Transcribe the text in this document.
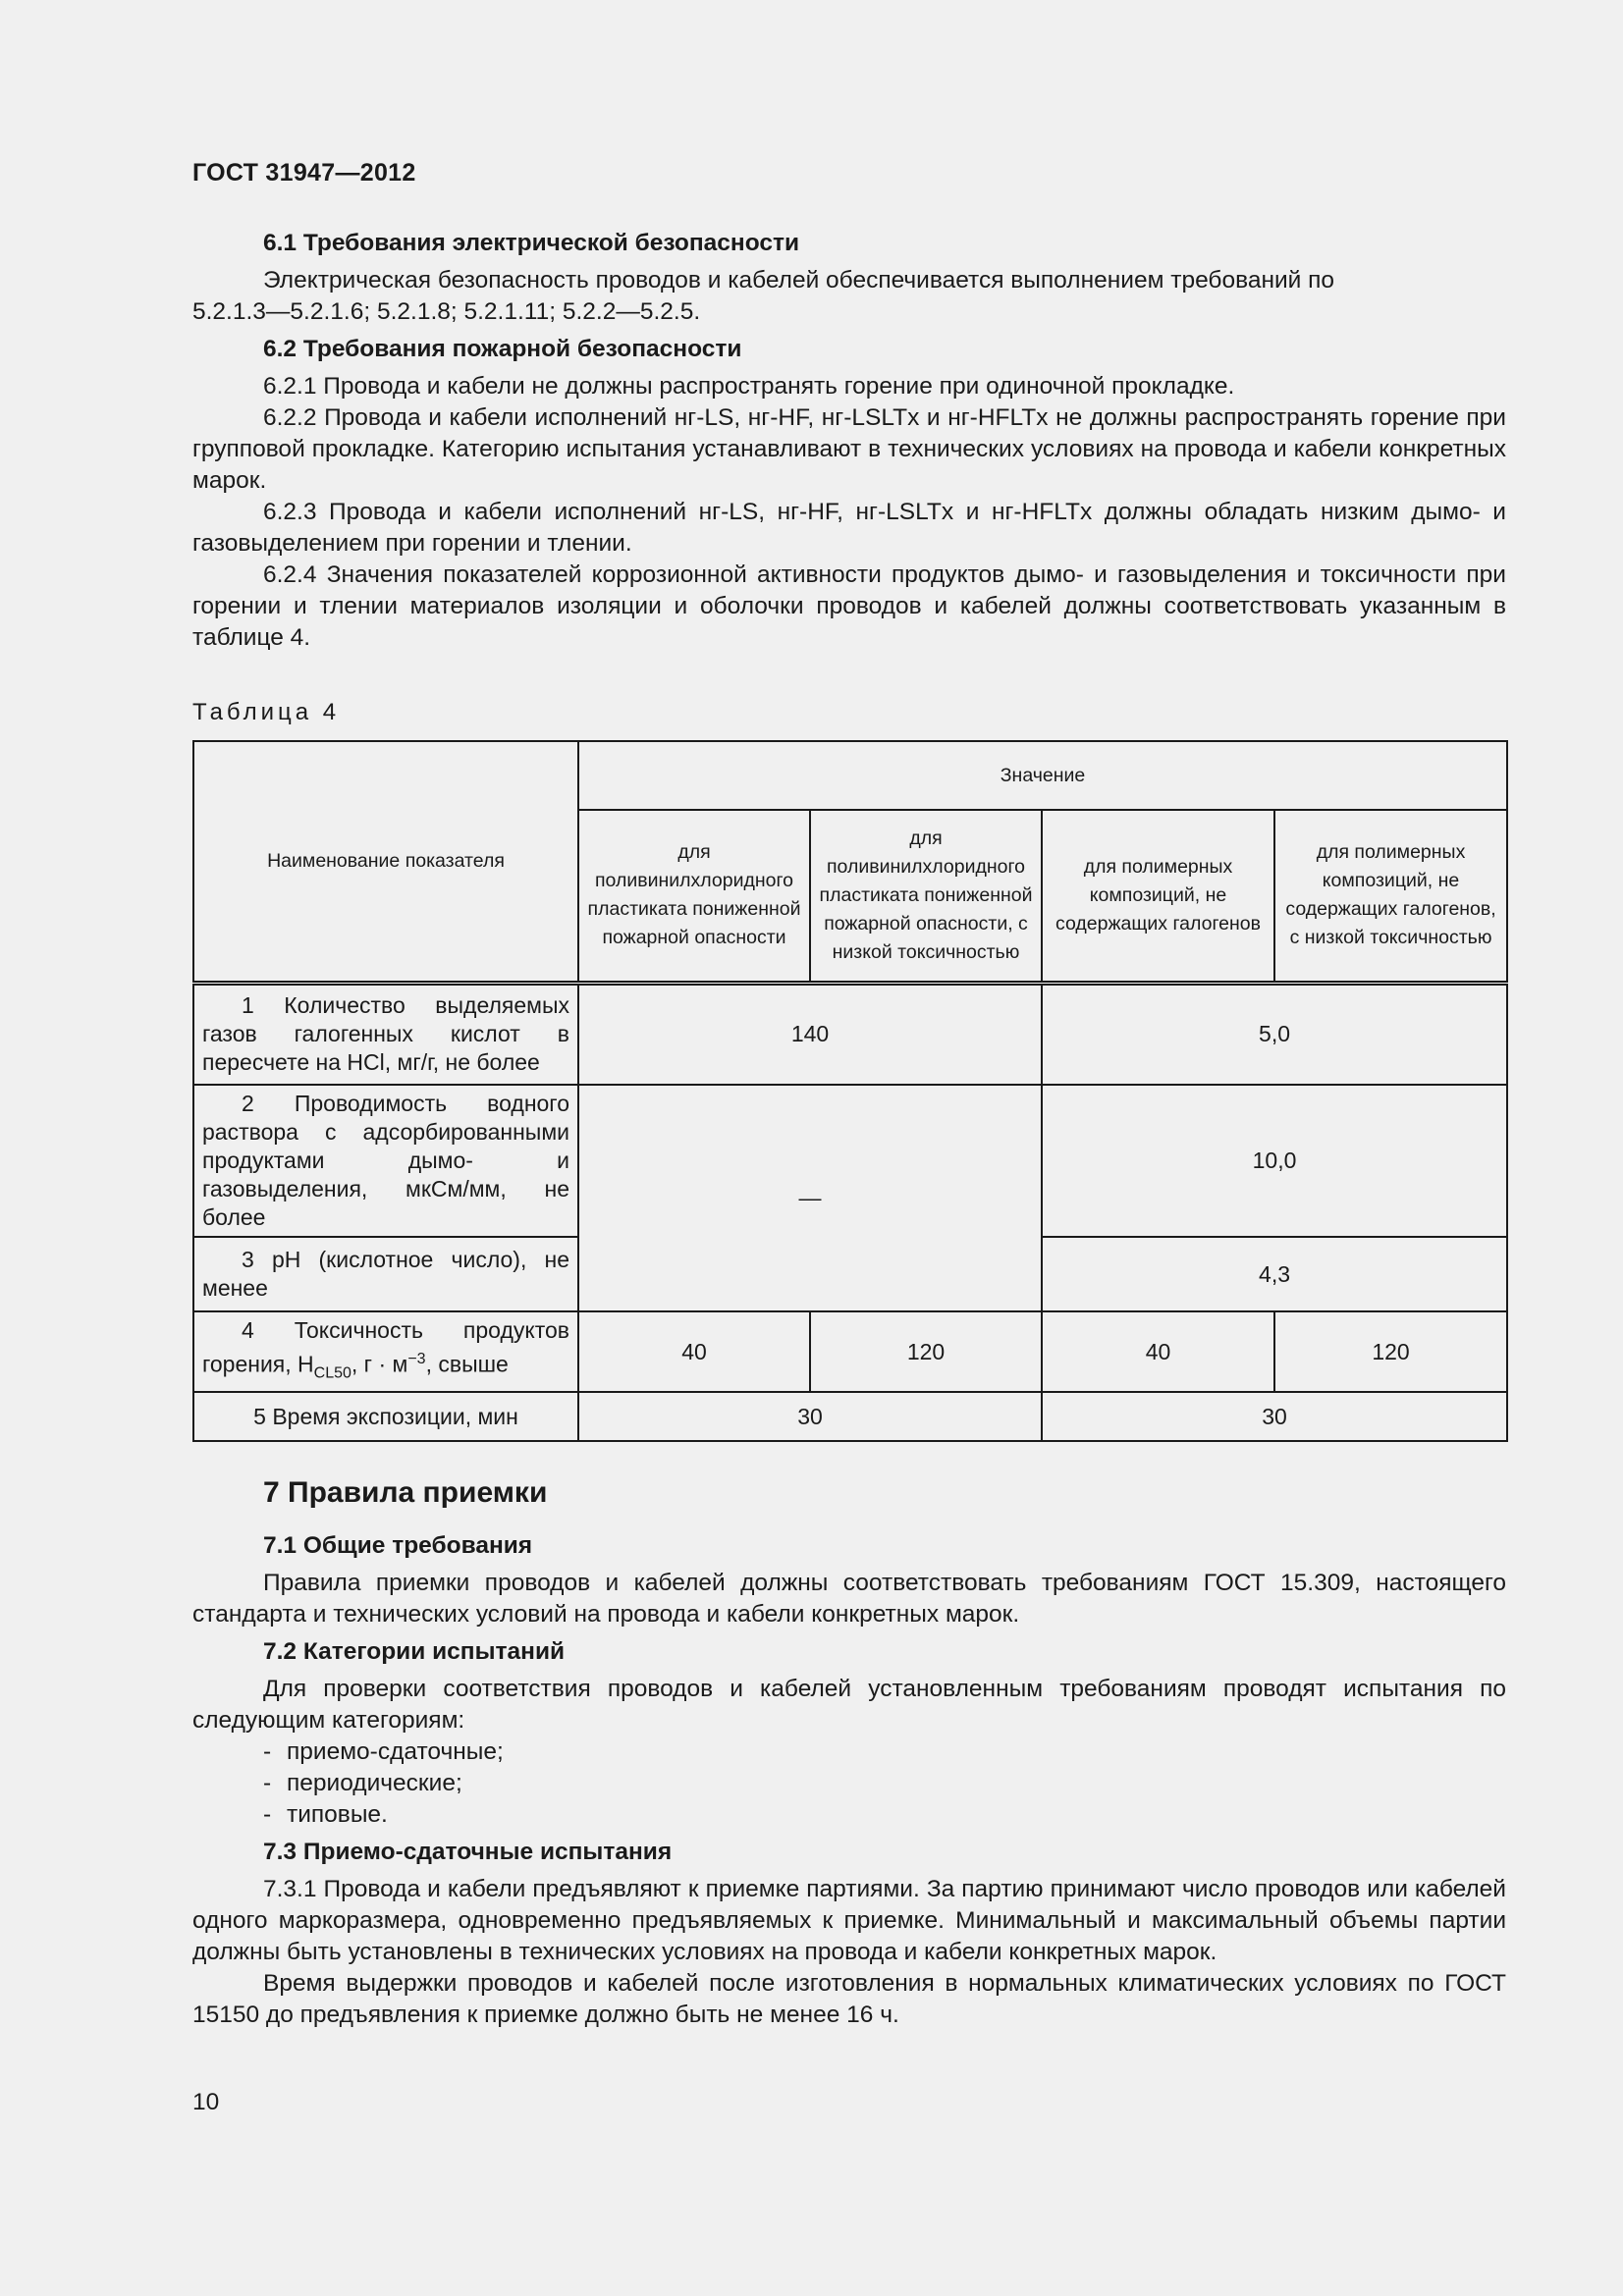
ГОСТ 31947—2012

6.1 Требования электрической безопасности

Электрическая безопасность проводов и кабелей обеспечивается выполнением требований по

5.2.1.3—5.2.1.6; 5.2.1.8; 5.2.1.11; 5.2.2—5.2.5.

6.2 Требования пожарной безопасности

6.2.1 Провода и кабели не должны распространять горение при одиночной прокладке.

6.2.2 Провода и кабели исполнений нг-LS, нг-HF, нг-LSLTx и нг-HFLTx не должны распространять горение при групповой прокладке. Категорию испытания устанавливают в технических условиях на провода и кабели конкретных марок.

6.2.3 Провода и кабели исполнений нг-LS, нг-HF, нг-LSLTx и нг-HFLTx должны обладать низким дымо- и газовыделением при горении и тлении.

6.2.4 Значения показателей коррозионной активности продуктов дымо- и газовыделения и токсичности при горении и тлении материалов изоляции и оболочки проводов и кабелей должны соответствовать указанным в таблице 4.

Таблица 4
Наименование показателя	Значение			
	для поливинилхлоридного пластиката пониженной пожарной опасности	для поливинилхлоридного пластиката пониженной пожарной опасности, с низкой токсичностью	для полимерных композиций, не содержащих галогенов	для полимерных композиций, не содержащих галогенов, с низкой токсичностью
1 Количество выделяемых газов галогенных кислот в пересчете на HCl, мг/г, не более	140		5,0	
2 Проводимость водного раствора с адсорбированными продуктами дымо- и газовыделения, мкСм/мм, не более	—		10,0	
3 pH (кислотное число), не менее			4,3	
4 Токсичность продуктов горения, $H_{CL50}$, $г \cdot м^{-3}$, свыше	40	120	40	120
5 Время экспозиции, мин	30		30	

7 Правила приемки

7.1 Общие требования

Правила приемки проводов и кабелей должны соответствовать требованиям ГОСТ 15.309, настоящего стандарта и технических условий на провода и кабели конкретных марок.

7.2 Категории испытаний

Для проверки соответствия проводов и кабелей установленным требованиям проводят испытания по следующим категориям:

- приемо-сдаточные;

- периодические;

- типовые.

7.3 Приемо-сдаточные испытания

7.3.1 Провода и кабели предъявляют к приемке партиями. За партию принимают число проводов или кабелей одного маркоразмера, одновременно предъявляемых к приемке. Минимальный и максимальный объемы партии должны быть установлены в технических условиях на провода и кабели конкретных марок.

Время выдержки проводов и кабелей после изготовления в нормальных климатических условиях по ГОСТ 15150 до предъявления к приемке должно быть не менее 16 ч.

10
